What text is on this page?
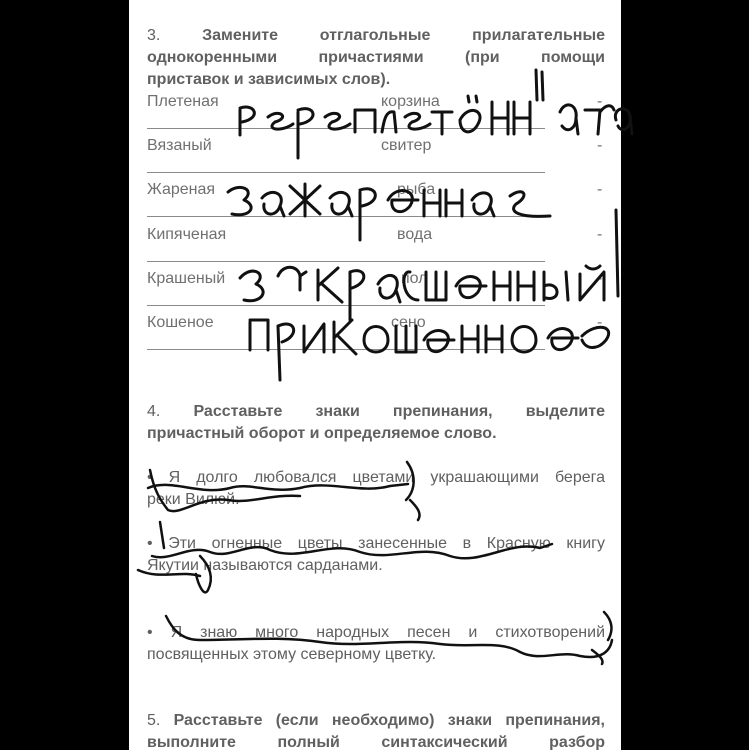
3.	Замените отглагольные прилагательные
однокоренными причастиями (при помощи
приставок и зависимых слов).
Плетеная	корзина	-
Вязаный	свитер	-
Жареная	рыба	-
Кипяченая	вода	-
Крашеный	пол	-
Кошеное	сено	-
4. Расставьте знаки препинания, выделите
причастный оборот и определяемое слово.
• Я долго любовался цветами украшающими берега
реки Вилюй.
• Эти огненные цветы занесенные в Красную книгу
Якутии называются сарданами.
• Я знаю много народных песен и стихотворений
посвященных этому северному цветку.
5. Расставьте (если необходимо) знаки препинания,
выполните полный синтаксический разбор
